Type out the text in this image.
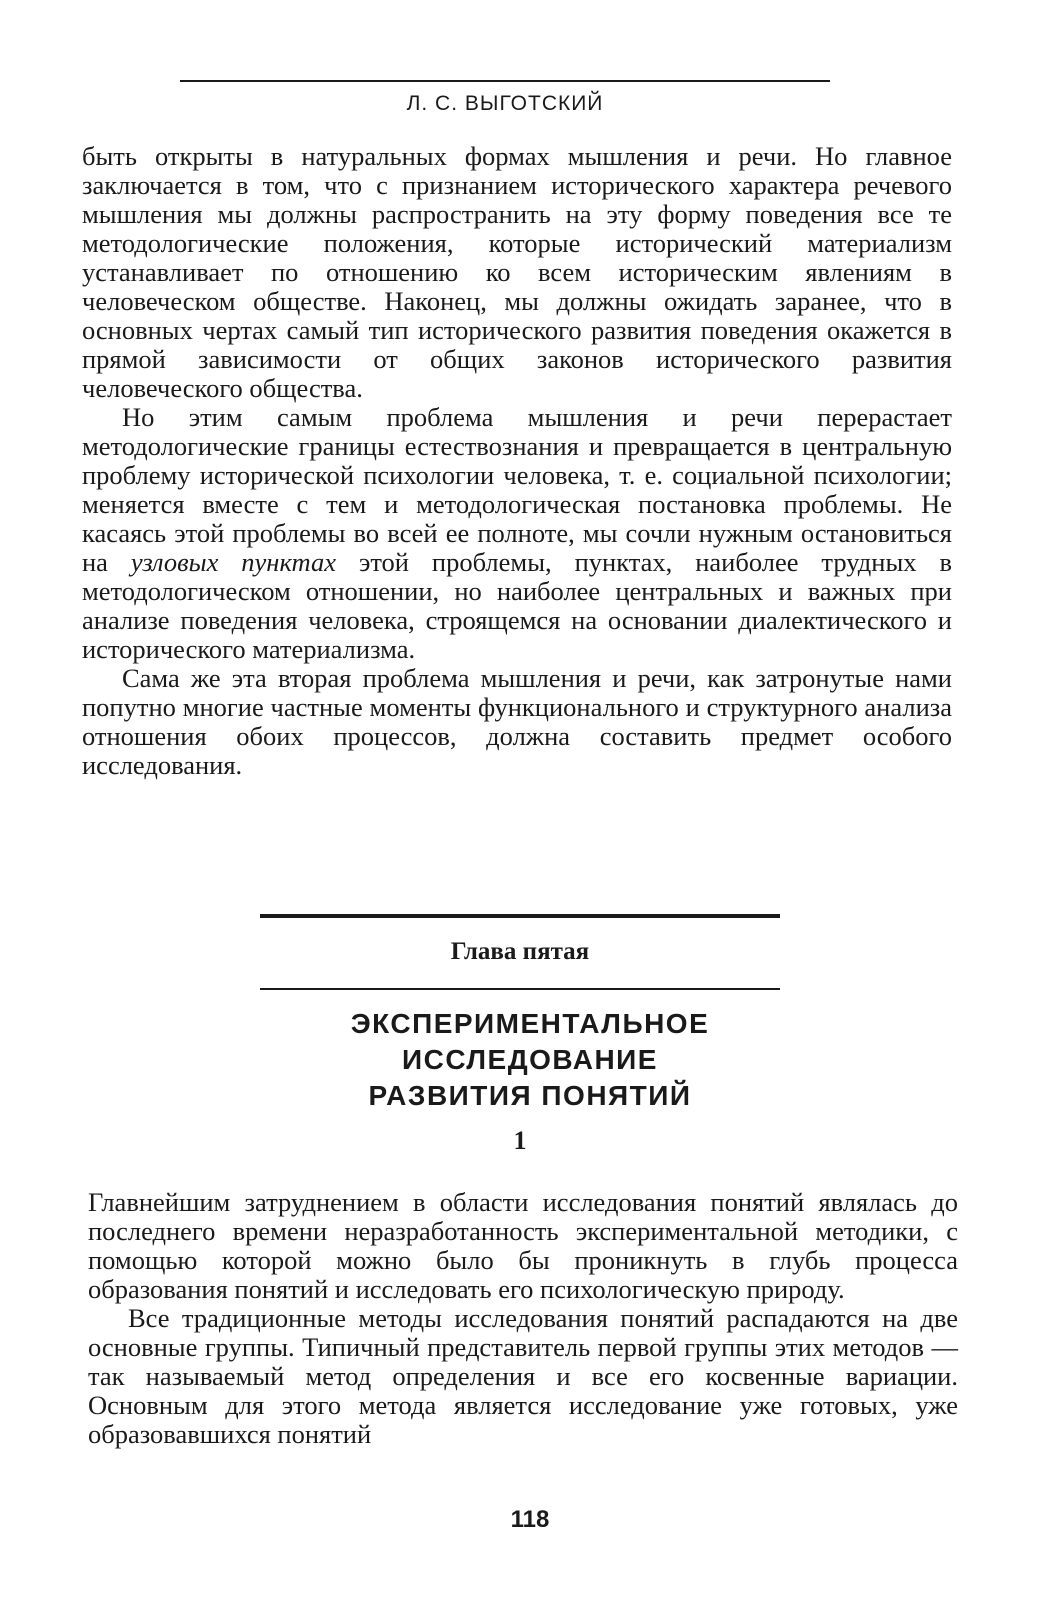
Л. С. ВЫГОТСКИЙ

быть открыты в натуральных формах мышления и речи. Но главное заключается в том, что с признанием исторического характера речевого мышления мы должны распространить на эту форму поведения все те методологические положения, которые исторический материализм устанавливает по отношению ко всем историческим явлениям в человеческом обществе. Наконец, мы должны ожидать заранее, что в основных чертах самый тип исторического развития поведения окажется в прямой зависимости от общих законов исторического развития человеческого общества.

Но этим самым проблема мышления и речи перерастает методологические границы естествознания и превращается в центральную проблему исторической психологии человека, т. е. социальной психологии; меняется вместе с тем и методологическая постановка проблемы. Не касаясь этой проблемы во всей ее полноте, мы сочли нужным остановиться на узловых пунктах этой проблемы, пунктах, наиболее трудных в методологическом отношении, но наиболее центральных и важных при анализе поведения человека, строящемся на основании диалектического и исторического материализма.

Сама же эта вторая проблема мышления и речи, как затронутые нами попутно многие частные моменты функционального и структурного анализа отношения обоих процессов, должна составить предмет особого исследования.

Глава пятая
ЭКСПЕРИМЕНТАЛЬНОЕ
ИССЛЕДОВАНИЕ
РАЗВИТИЯ ПОНЯТИЙ
1

Главнейшим затруднением в области исследования понятий являлась до последнего времени неразработанность экспериментальной методики, с помощью которой можно было бы проникнуть в глубь процесса образования понятий и исследовать его психологическую природу.

Все традиционные методы исследования понятий распадаются на две основные группы. Типичный представитель первой группы этих методов — так называемый метод определения и все его косвенные вариации. Основным для этого метода является исследование уже готовых, уже образовавшихся понятий

118
